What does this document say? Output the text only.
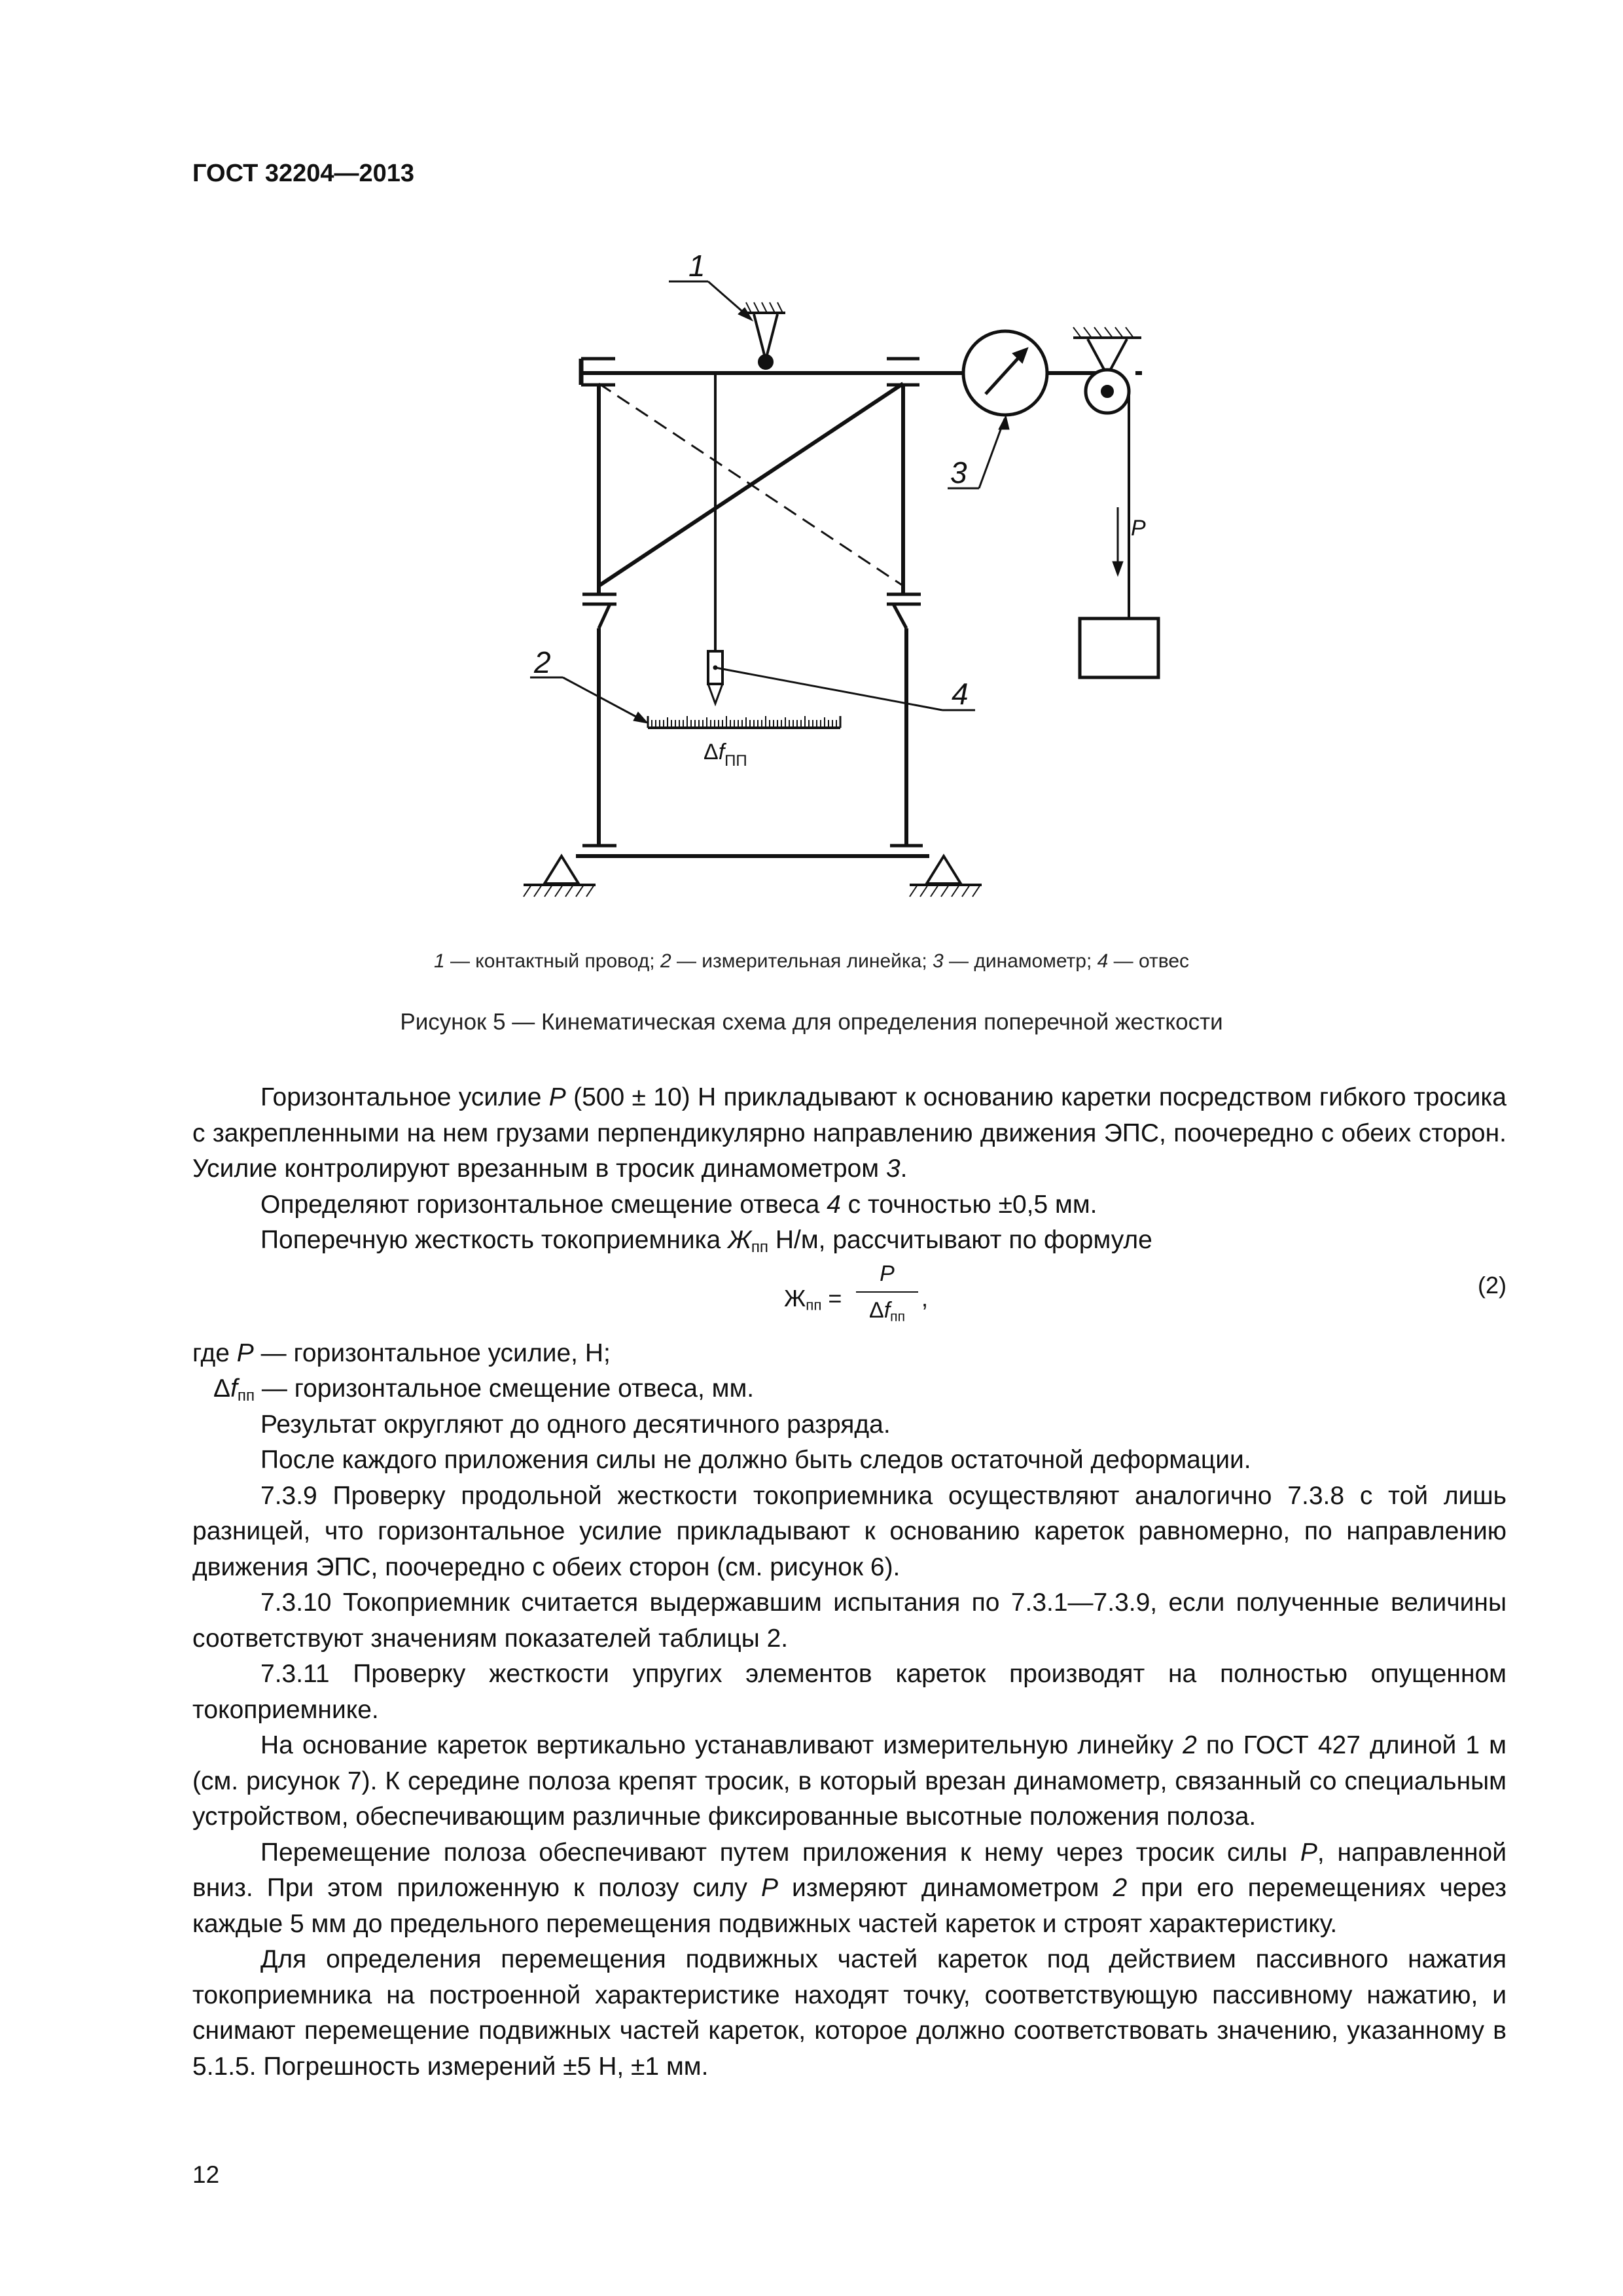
ГОСТ 32204—2013
1
2
3
4
P
$\Delta f_{ПП}$
1 — контактный провод; 2 — измерительная линейка; 3 — динамометр; 4 — отвес
Рисунок 5 — Кинематическая схема для определения поперечной жесткости

Горизонтальное усилие P (500 ± 10) Н прикладывают к основанию каретки посредством гибкого тросика с закрепленными на нем грузами перпендикулярно направлению движения ЭПС, поочередно с обеих сторон. Усилие контролируют врезанным в тросик динамометром 3.

Определяют горизонтальное смещение отвеса 4 с точностью ±0,5 мм.

Поперечную жесткость токоприемника $Ж_{пп}$ Н/м, рассчитывают по формуле

$Ж_{пп}$ =
P
$\Delta f_{пп}$
,	(2)

где P — горизонтальное усилие, Н;

$\Delta f_{пп}$ — горизонтальное смещение отвеса, мм.

Результат округляют до одного десятичного разряда.

После каждого приложения силы не должно быть следов остаточной деформации.

7.3.9 Проверку продольной жесткости токоприемника осуществляют аналогично 7.3.8 с той лишь разницей, что горизонтальное усилие прикладывают к основанию кареток равномерно, по направлению движения ЭПС, поочередно с обеих сторон (см. рисунок 6).

7.3.10 Токоприемник считается выдержавшим испытания по 7.3.1—7.3.9, если полученные величины соответствуют значениям показателей таблицы 2.

7.3.11 Проверку жесткости упругих элементов кареток производят на полностью опущенном токоприемнике.

На основание кареток вертикально устанавливают измерительную линейку 2 по ГОСТ 427 длиной 1 м (см. рисунок 7). К середине полоза крепят тросик, в который врезан динамометр, связанный со специальным устройством, обеспечивающим различные фиксированные высотные положения полоза.

Перемещение полоза обеспечивают путем приложения к нему через тросик силы P, направленной вниз. При этом приложенную к полозу силу P измеряют динамометром 2 при его перемещениях через каждые 5 мм до предельного перемещения подвижных частей кареток и строят характеристику.

Для определения перемещения подвижных частей кареток под действием пассивного нажатия токоприемника на построенной характеристике находят точку, соответствующую пассивному нажатию, и снимают перемещение подвижных частей кареток, которое должно соответствовать значению, указанному в 5.1.5. Погрешность измерений ±5 Н, ±1 мм.

12
